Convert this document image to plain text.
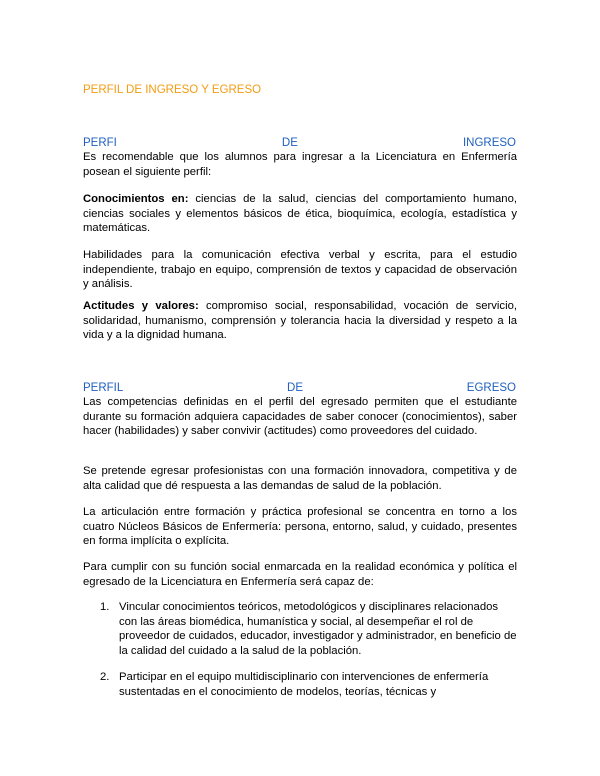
PERFIL DE INGRESO Y EGRESO
PERFI	DE	INGRESO
Es recomendable que los alumnos para ingresar a la Licenciatura en Enfermería posean el siguiente perfil:
Conocimientos en: ciencias de la salud, ciencias del comportamiento humano, ciencias sociales y elementos básicos de ética, bioquímica, ecología, estadística y matemáticas.
Habilidades para la comunicación efectiva verbal y escrita, para el estudio independiente, trabajo en equipo, comprensión de textos y capacidad de observación y análisis.
Actitudes y valores: compromiso social, responsabilidad, vocación de servicio, solidaridad, humanismo, comprensión y tolerancia hacia la diversidad y respeto a la vida y a la dignidad humana.
PERFIL	DE	EGRESO
Las competencias definidas en el perfil del egresado permiten que el estudiante durante su formación adquiera capacidades de saber conocer (conocimientos), saber hacer (habilidades) y saber convivir (actitudes) como proveedores del cuidado.
Se pretende egresar profesionistas con una formación innovadora, competitiva y de alta calidad que dé respuesta a las demandas de salud de la población.
La articulación entre formación y práctica profesional se concentra en torno a los cuatro Núcleos Básicos de Enfermería: persona, entorno, salud, y cuidado, presentes en forma implícita o explícita.
Para cumplir con su función social enmarcada en la realidad económica y política el egresado de la Licenciatura en Enfermería será capaz de:
1. Vincular conocimientos teóricos, metodológicos y disciplinares relacionados con las áreas biomédica, humanística y social, al desempeñar el rol de proveedor de cuidados, educador, investigador y administrador, en beneficio de la calidad del cuidado a la salud de la población.
2. Participar en el equipo multidisciplinario con intervenciones de enfermería sustentadas en el conocimiento de modelos, teorías, técnicas y
